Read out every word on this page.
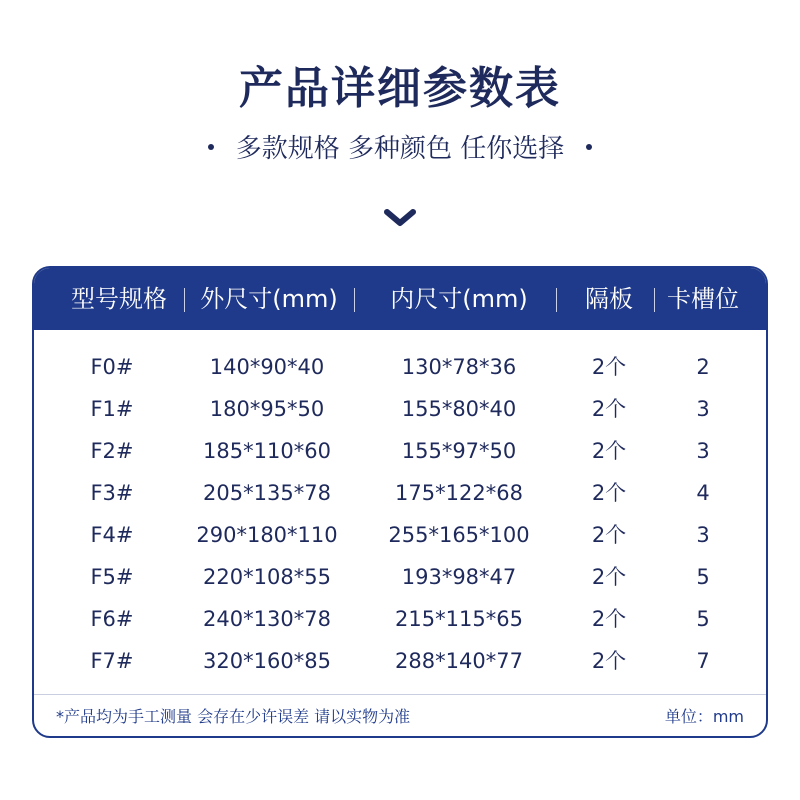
产品详细参数表
多款规格 多种颜色 任你选择
型号规格	外尺寸(mm)	内尺寸(mm)	隔板	卡槽位
F0#	140*90*40	130*78*36	2个	2
F1#	180*95*50	155*80*40	2个	3
F2#	185*110*60	155*97*50	2个	3
F3#	205*135*78	175*122*68	2个	4
F4#	290*180*110	255*165*100	2个	3
F5#	220*108*55	193*98*47	2个	5
F6#	240*130*78	215*115*65	2个	5
F7#	320*160*85	288*140*77	2个	7
*产品均为手工测量 会存在少许误差 请以实物为准	单位：mm
